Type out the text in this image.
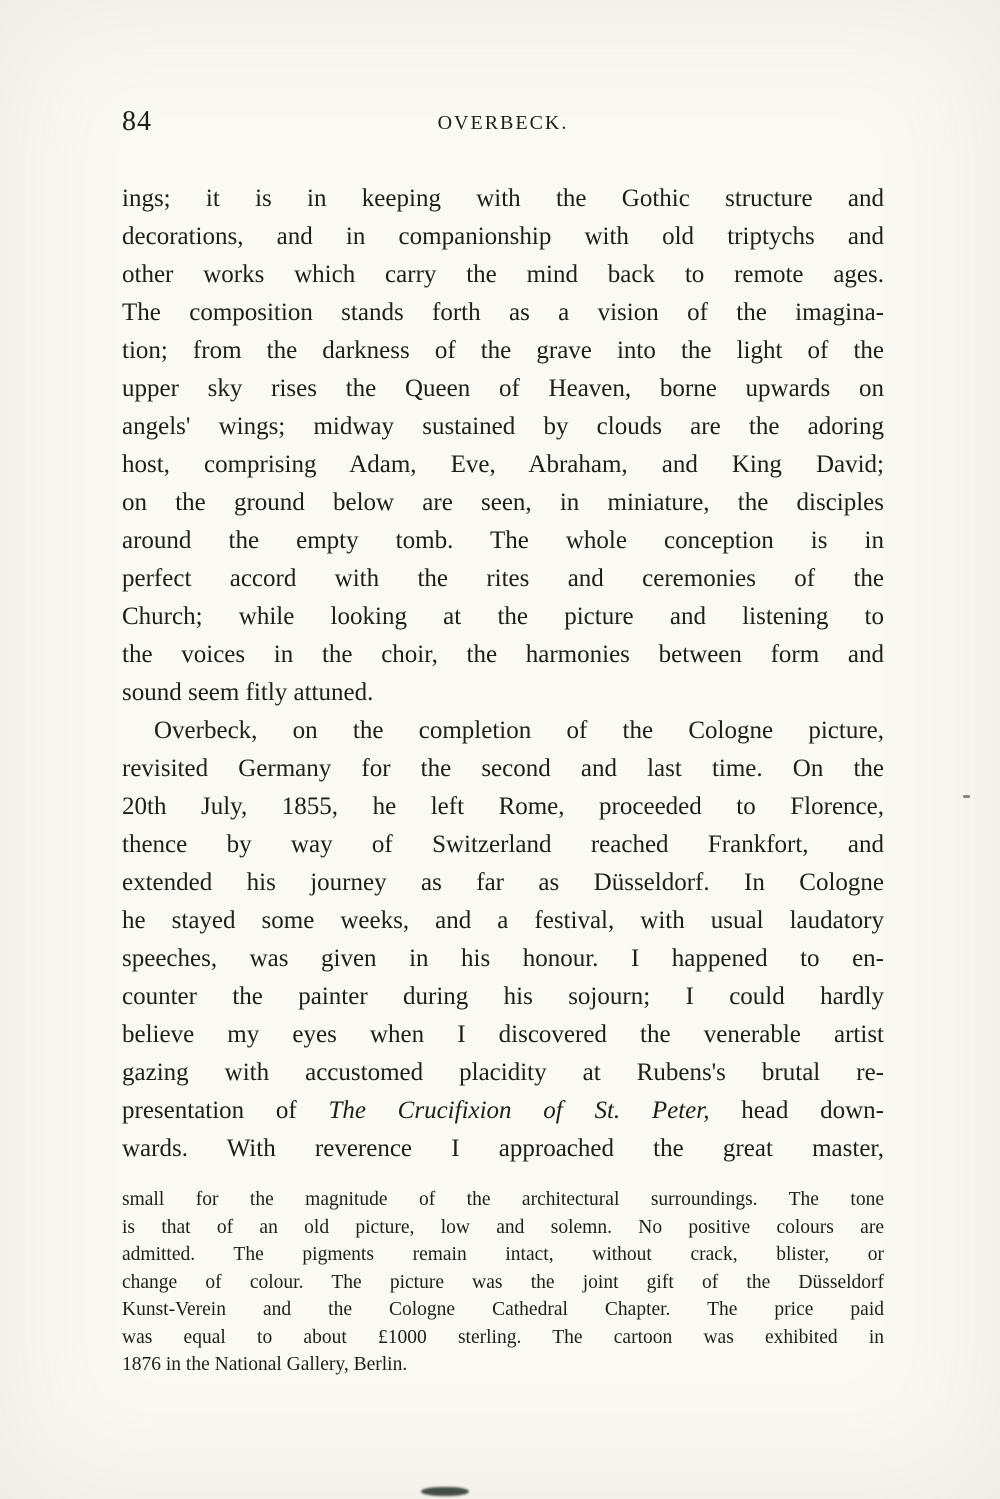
84	OVERBECK.
ings; it is in keeping with the Gothic structure and
decorations, and in companionship with old triptychs and
other works which carry the mind back to remote ages.
The composition stands forth as a vision of the imagina-
tion; from the darkness of the grave into the light of the
upper sky rises the Queen of Heaven, borne upwards on
angels' wings; midway sustained by clouds are the adoring
host, comprising Adam, Eve, Abraham, and King David;
on the ground below are seen, in miniature, the disciples
around the empty tomb. The whole conception is in
perfect accord with the rites and ceremonies of the
Church; while looking at the picture and listening to
the voices in the choir, the harmonies between form and
sound seem fitly attuned.
Overbeck, on the completion of the Cologne picture,
revisited Germany for the second and last time. On the
20th July, 1855, he left Rome, proceeded to Florence,
thence by way of Switzerland reached Frankfort, and
extended his journey as far as Düsseldorf. In Cologne
he stayed some weeks, and a festival, with usual laudatory
speeches, was given in his honour. I happened to en-
counter the painter during his sojourn; I could hardly
believe my eyes when I discovered the venerable artist
gazing with accustomed placidity at Rubens's brutal re-
presentation of The Crucifixion of St. Peter, head down-
wards. With reverence I approached the great master,
small for the magnitude of the architectural surroundings. The tone
is that of an old picture, low and solemn. No positive colours are
admitted. The pigments remain intact, without crack, blister, or
change of colour. The picture was the joint gift of the Düsseldorf
Kunst-Verein and the Cologne Cathedral Chapter. The price paid
was equal to about £1000 sterling. The cartoon was exhibited in
1876 in the National Gallery, Berlin.
